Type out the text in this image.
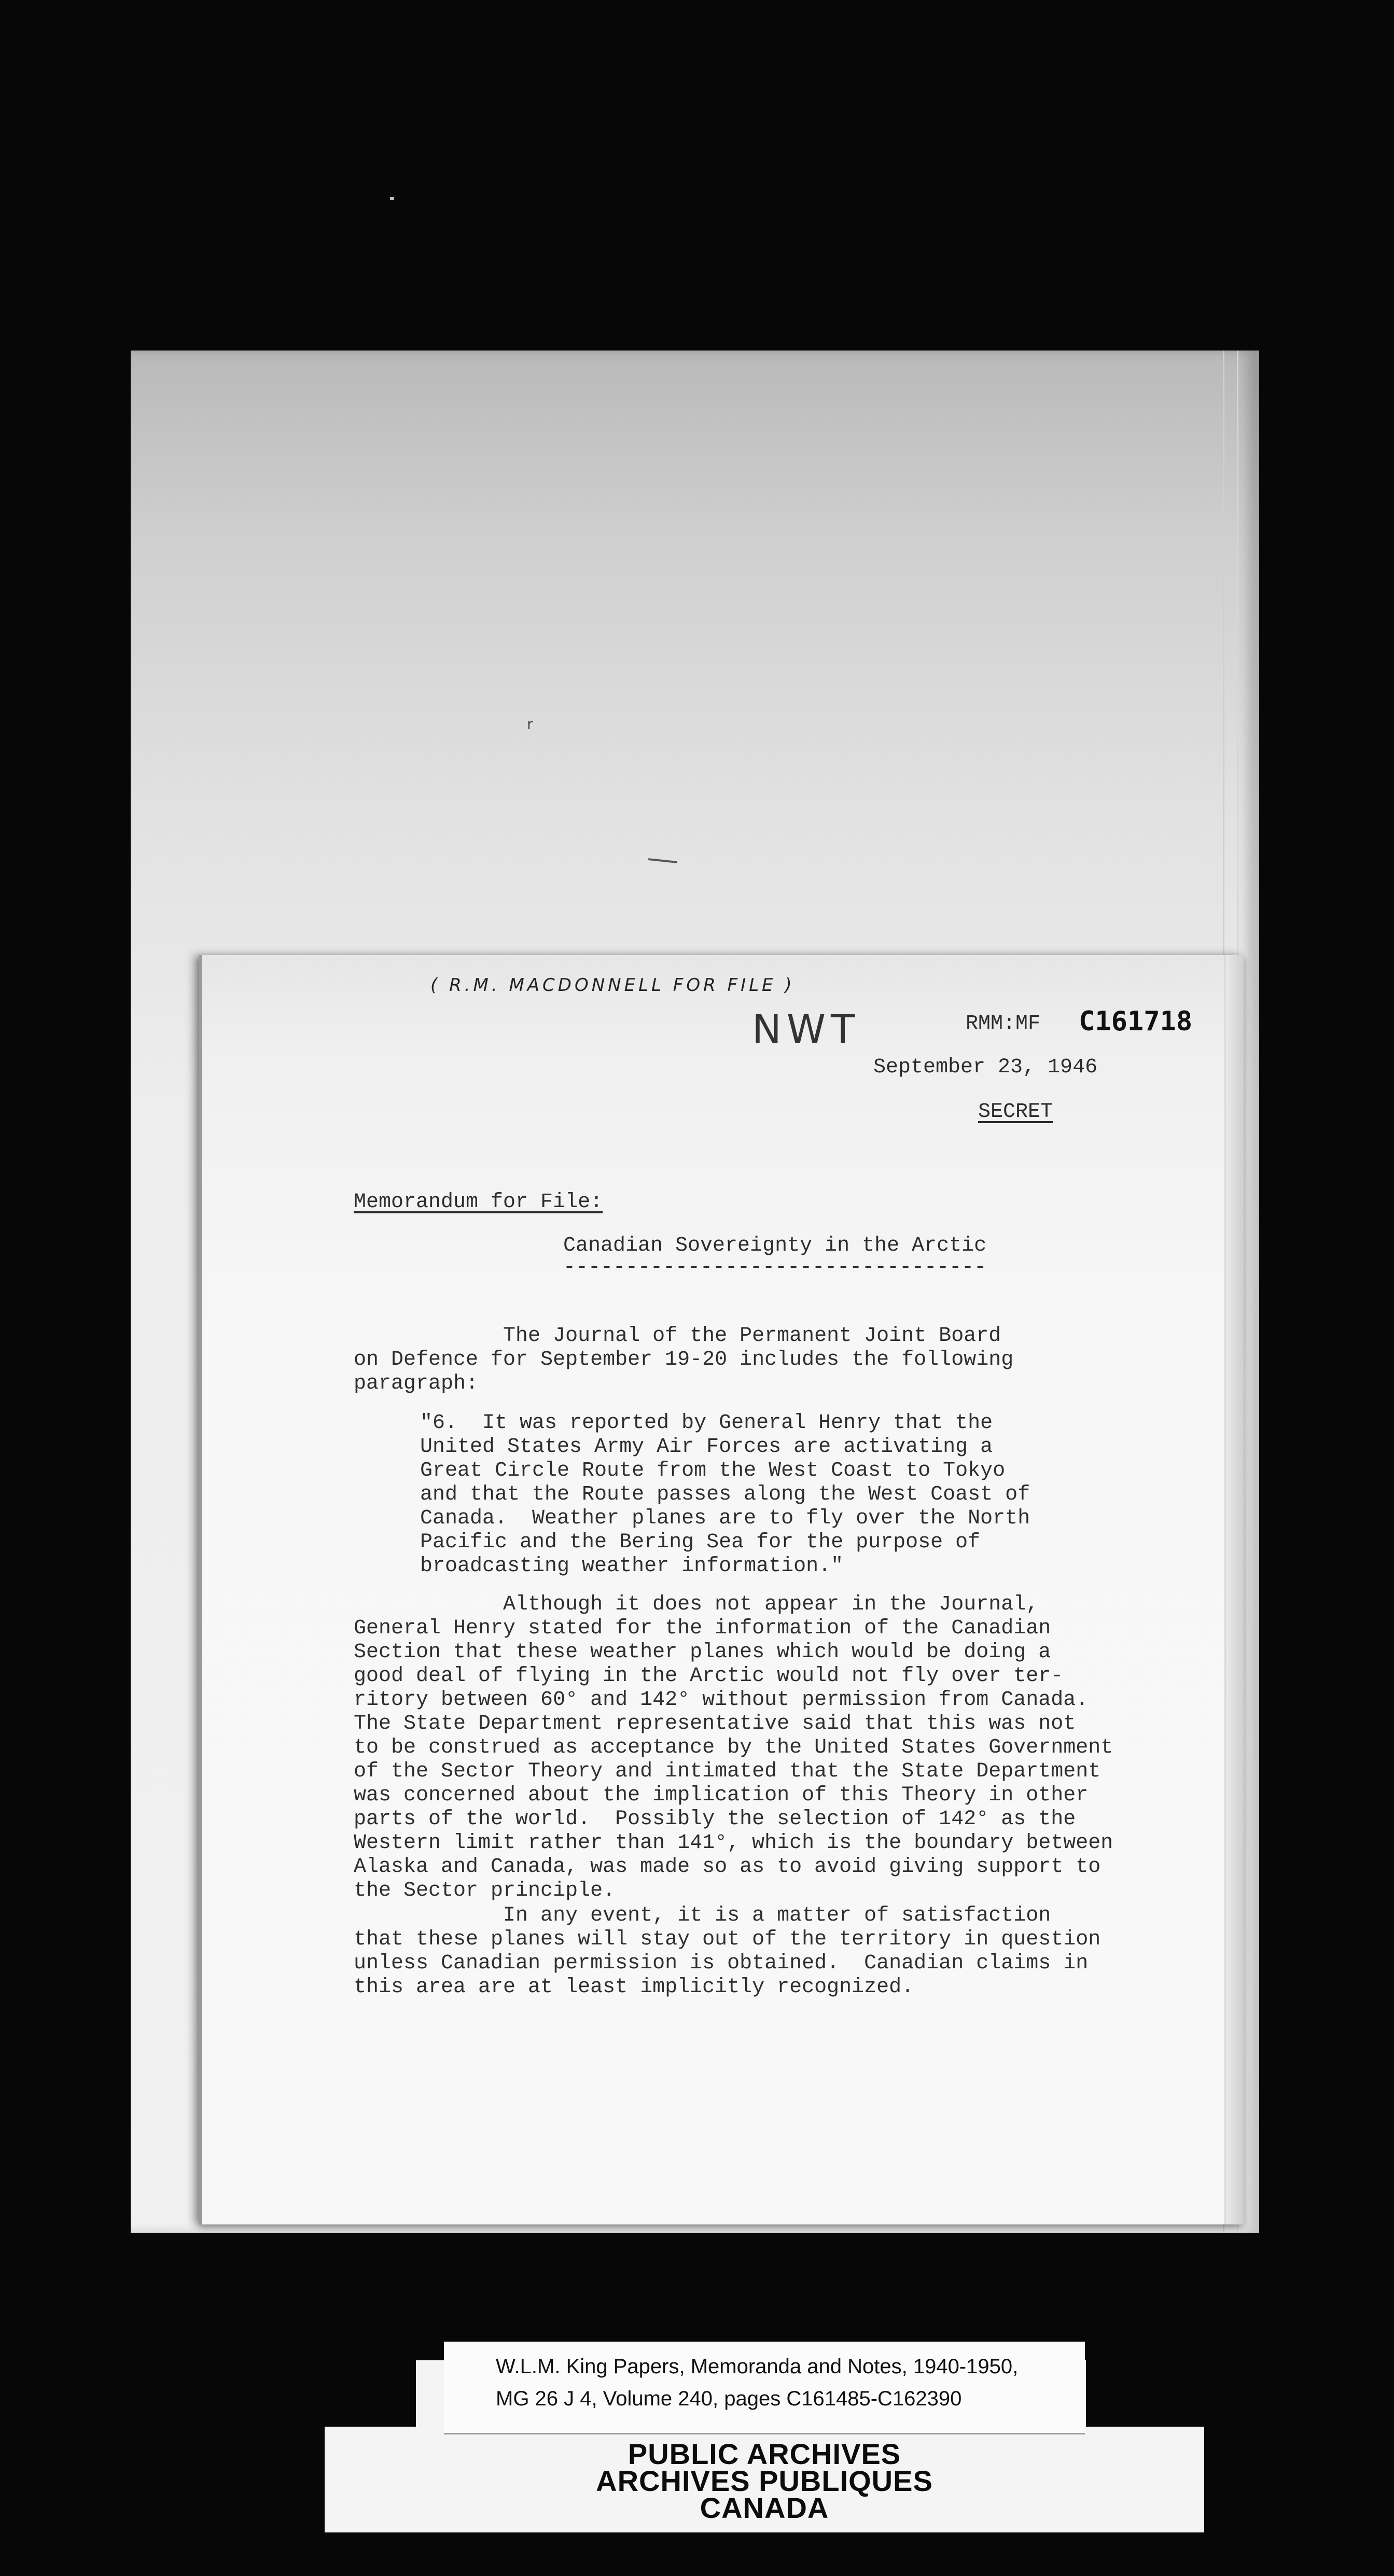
r
( R.M. MACDONNELL FOR FILE )
NWT	RMM:MF C161718
September 23, 1946
SECRET
Memorandum for File:
Canadian Sovereignty in the Arctic
----------------------------------

The Journal of the Permanent Joint Board
on Defence for September 19-20 includes the following
paragraph:

"6.  It was reported by General Henry that the
United States Army Air Forces are activating a
Great Circle Route from the West Coast to Tokyo
and that the Route passes along the West Coast of
Canada.  Weather planes are to fly over the North
Pacific and the Bering Sea for the purpose of
broadcasting weather information."

Although it does not appear in the Journal,
General Henry stated for the information of the Canadian
Section that these weather planes which would be doing a
good deal of flying in the Arctic would not fly over ter-
ritory between 60° and 142° without permission from Canada.
The State Department representative said that this was not
to be construed as acceptance by the United States Government
of the Sector Theory and intimated that the State Department
was concerned about the implication of this Theory in other
parts of the world.  Possibly the selection of 142° as the
Western limit rather than 141°, which is the boundary between
Alaska and Canada, was made so as to avoid giving support to
the Sector principle.

In any event, it is a matter of satisfaction
that these planes will stay out of the territory in question
unless Canadian permission is obtained.  Canadian claims in
this area are at least implicitly recognized.
W.L.M. King Papers, Memoranda and Notes, 1940-1950,
MG 26 J 4, Volume 240, pages C161485-C162390
PUBLIC ARCHIVES
ARCHIVES PUBLIQUES
CANADA
